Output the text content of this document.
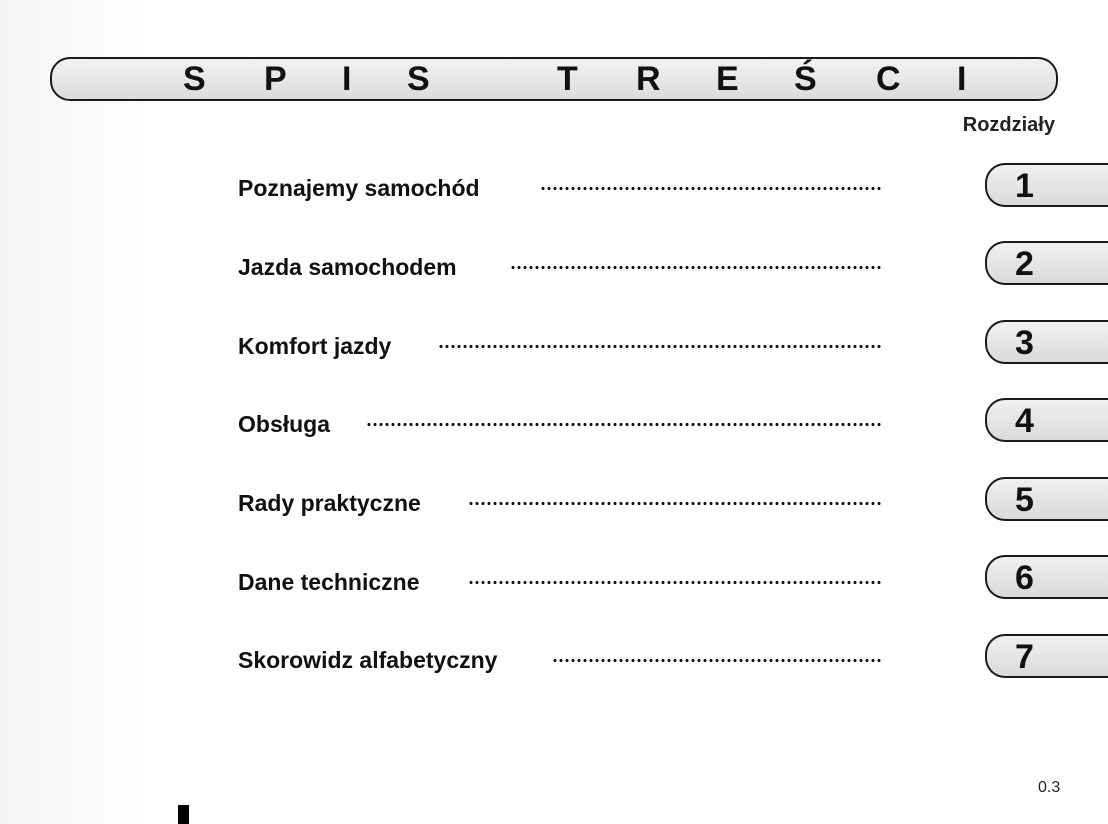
S P I S	T R E Ś C I
Rozdziały
Poznajemy samochód
Jazda samochodem
Komfort jazdy
Obsługa
Rady praktyczne
Dane techniczne
Skorowidz alfabetyczny
1
2
3
4
5
6
7
0.3
